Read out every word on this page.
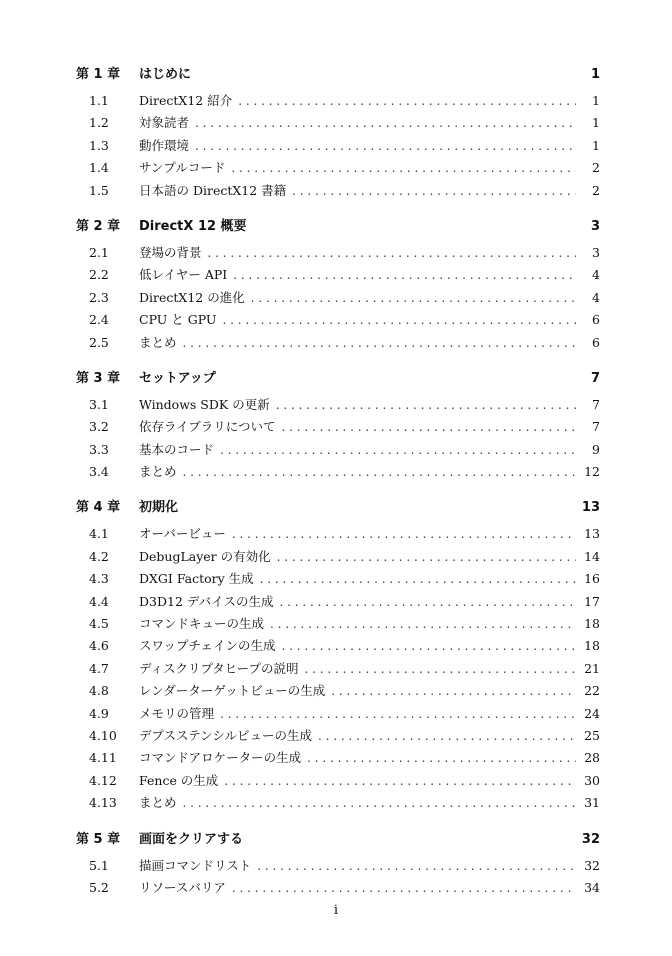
第 1 章	はじめに	1
1.1	DirectX12 紹介 . . .	1
1.2	対象読者 . . .	1
1.3	動作環境 . . .	1
1.4	サンプルコード . . .	2
1.5	日本語の DirectX12 書籍 . . .	2
第 2 章	DirectX 12 概要	3
2.1	登場の背景 . . .	3
2.2	低レイヤー API . . .	4
2.3	DirectX12 の進化 . . .	4
2.4	CPU と GPU . . .	6
2.5	まとめ . . .	6
第 3 章	セットアップ	7
3.1	Windows SDK の更新 . . .	7
3.2	依存ライブラリについて . . .	7
3.3	基本のコード . . .	9
3.4	まとめ . . .	12
第 4 章	初期化	13
4.1	オーバービュー . . .	13
4.2	DebugLayer の有効化 . . .	14
4.3	DXGI Factory 生成 . . .	16
4.4	D3D12 デバイスの生成 . . .	17
4.5	コマンドキューの生成 . . .	18
4.6	スワップチェインの生成 . . .	18
4.7	ディスクリプタヒープの説明 . . .	21
4.8	レンダーターゲットビューの生成 . . .	22
4.9	メモリの管理 . . .	24
4.10	デプスステンシルビューの生成 . . .	25
4.11	コマンドアロケーターの生成 . . .	28
4.12	Fence の生成 . . .	30
4.13	まとめ . . .	31
第 5 章	画面をクリアする	32
5.1	描画コマンドリスト . . .	32
5.2	リソースバリア . . .	34
i
